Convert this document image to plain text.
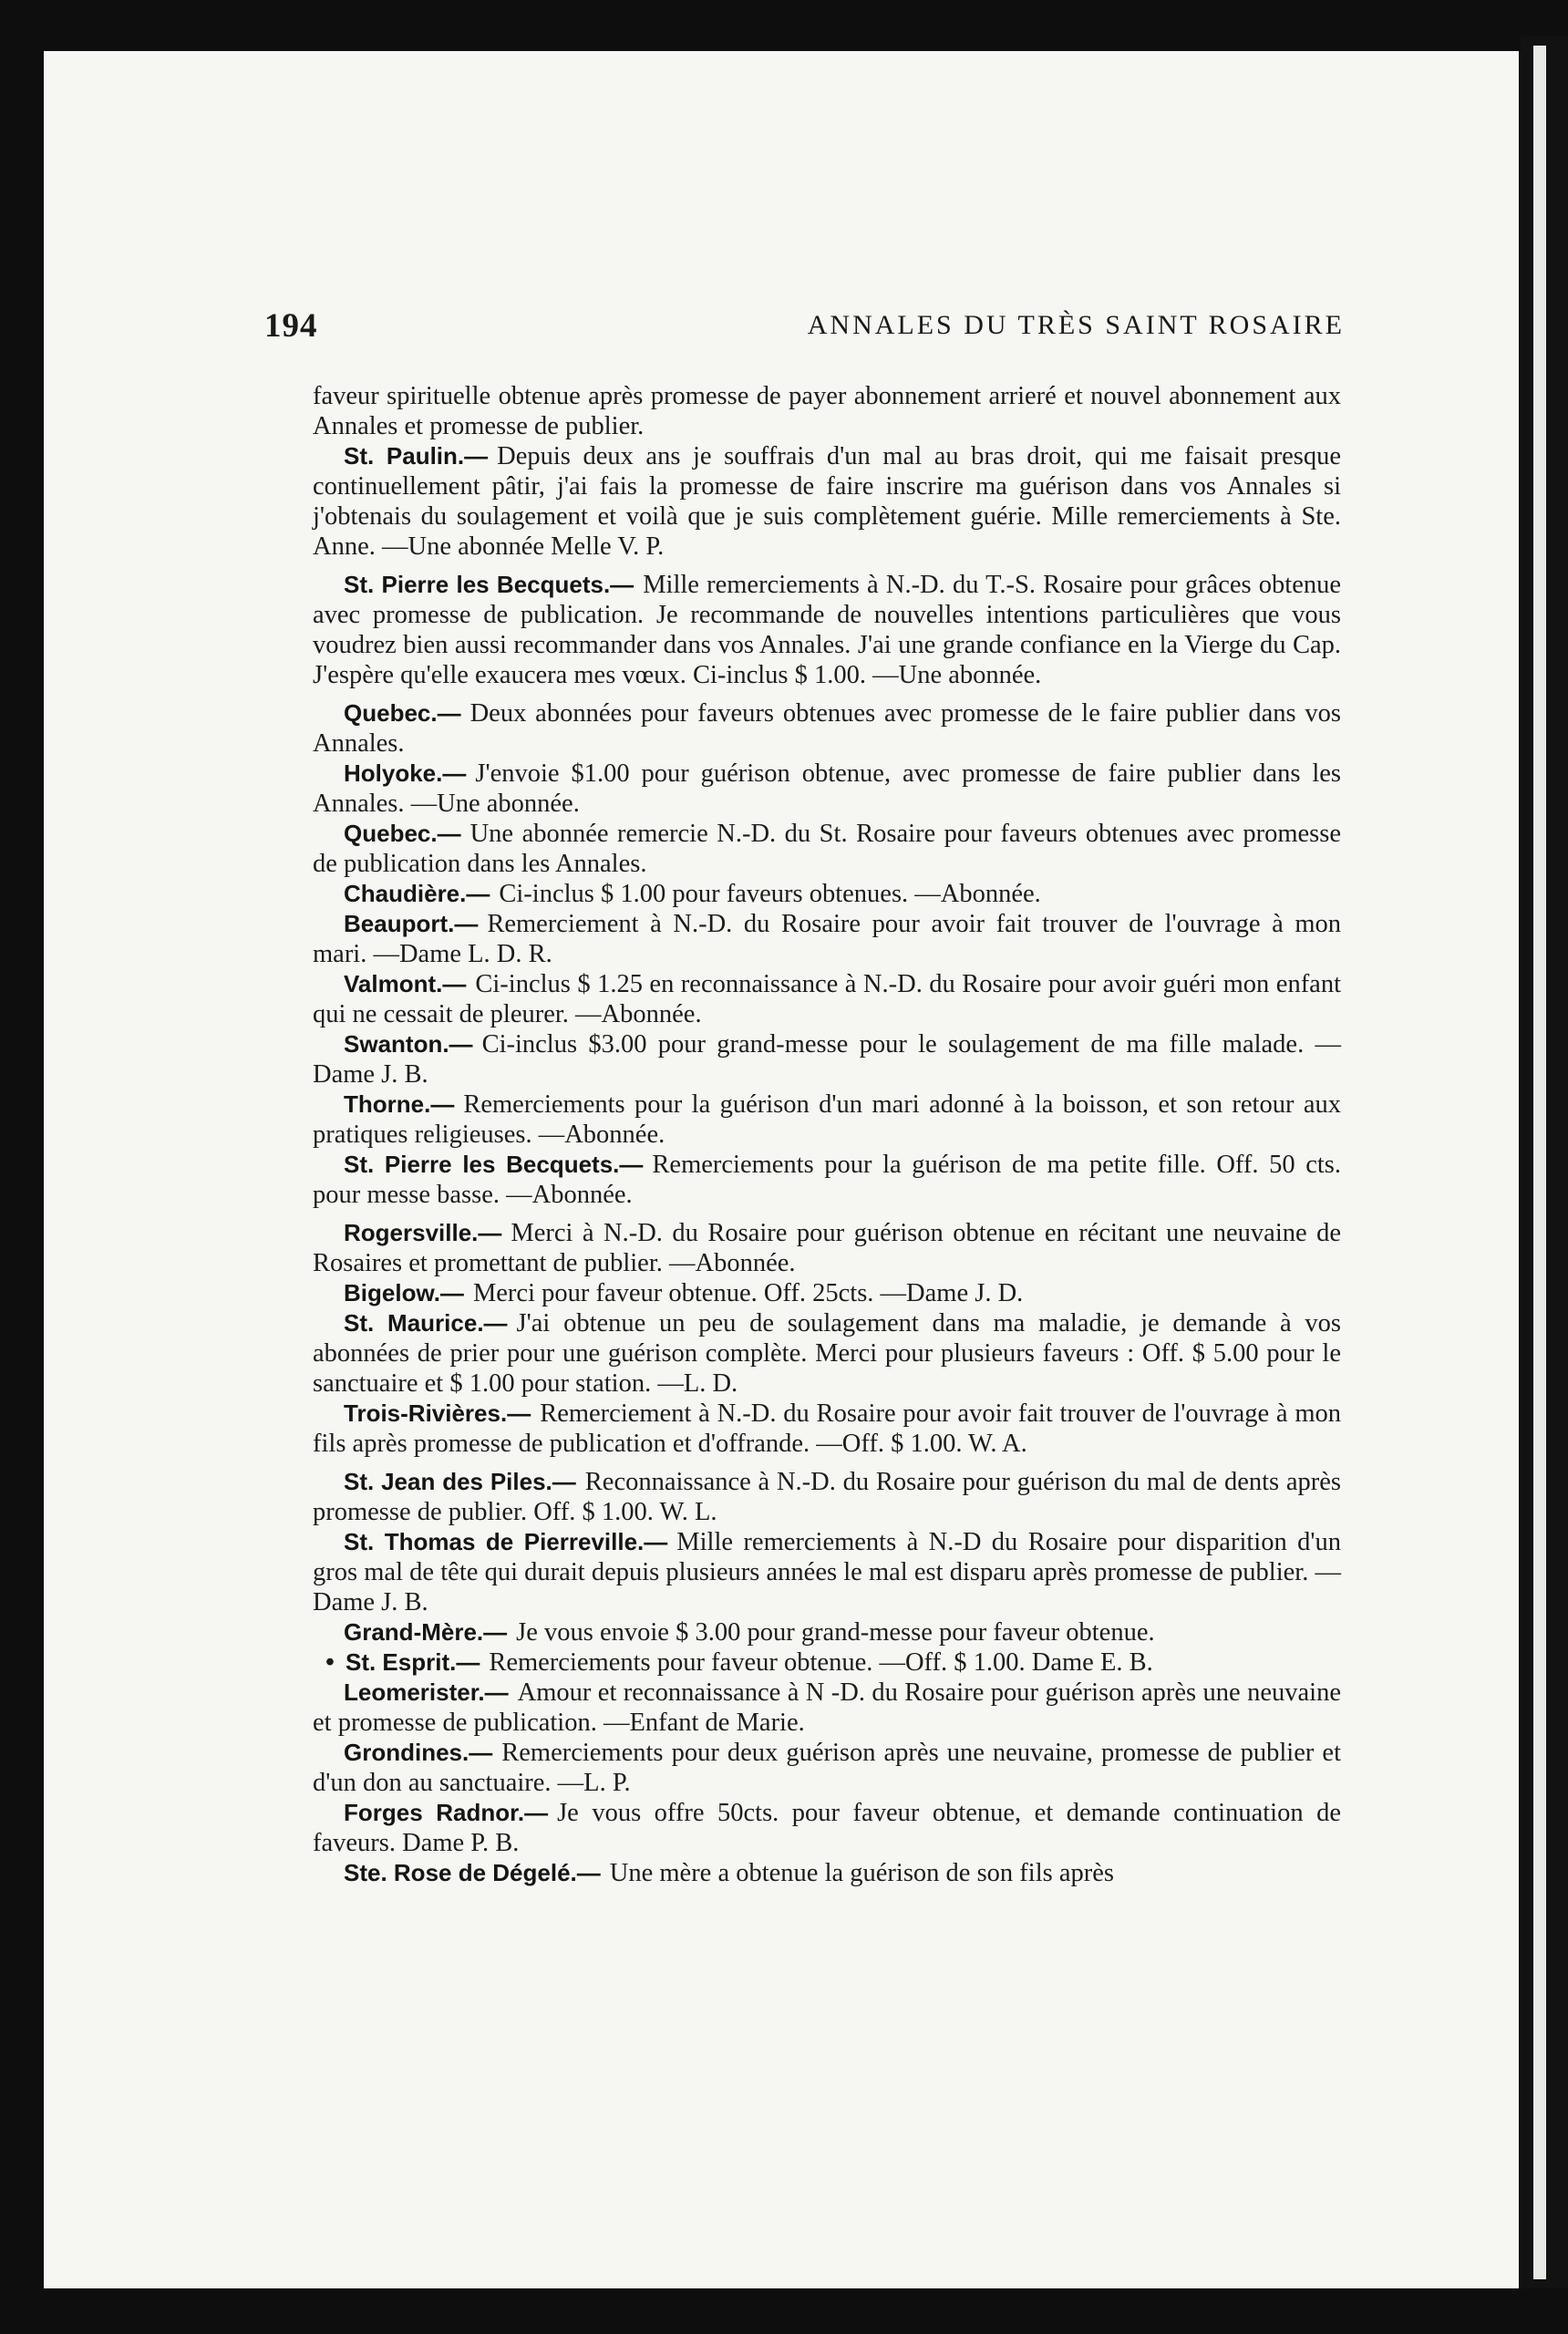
194	ANNALES DU TRÈS SAINT ROSAIRE

faveur spirituelle obtenue après promesse de payer abonnement arrieré et nouvel abonnement aux Annales et promesse de publier.

St. Paulin.— Depuis deux ans je souffrais d'un mal au bras droit, qui me faisait presque continuellement pâtir, j'ai fais la promesse de faire inscrire ma guérison dans vos Annales si j'obtenais du soulagement et voilà que je suis complètement guérie. Mille remerciements à Ste. Anne. —Une abonnée Melle V. P.

St. Pierre les Becquets.— Mille remerciements à N.-D. du T.-S. Rosaire pour grâces obtenue avec promesse de publication. Je recommande de nouvelles intentions particulières que vous voudrez bien aussi recommander dans vos Annales. J'ai une grande confiance en la Vierge du Cap. J'espère qu'elle exaucera mes vœux. Ci-inclus $ 1.00. —Une abonnée.

Quebec.— Deux abonnées pour faveurs obtenues avec promesse de le faire publier dans vos Annales.

Holyoke.— J'envoie $1.00 pour guérison obtenue, avec promesse de faire publier dans les Annales. —Une abonnée.

Quebec.— Une abonnée remercie N.-D. du St. Rosaire pour faveurs obtenues avec promesse de publication dans les Annales.

Chaudière.— Ci-inclus $ 1.00 pour faveurs obtenues. —Abonnée.

Beauport.— Remerciement à N.-D. du Rosaire pour avoir fait trouver de l'ouvrage à mon mari. —Dame L. D. R.

Valmont.— Ci-inclus $ 1.25 en reconnaissance à N.-D. du Rosaire pour avoir guéri mon enfant qui ne cessait de pleurer. —Abonnée.

Swanton.— Ci-inclus $3.00 pour grand-messe pour le soulagement de ma fille malade. —Dame J. B.

Thorne.— Remerciements pour la guérison d'un mari adonné à la boisson, et son retour aux pratiques religieuses. —Abonnée.

St. Pierre les Becquets.— Remerciements pour la guérison de ma petite fille. Off. 50 cts. pour messe basse. —Abonnée.

Rogersville.— Merci à N.-D. du Rosaire pour guérison obtenue en récitant une neuvaine de Rosaires et promettant de publier. —Abonnée.

Bigelow.— Merci pour faveur obtenue. Off. 25cts. —Dame J. D.

St. Maurice.— J'ai obtenue un peu de soulagement dans ma maladie, je demande à vos abonnées de prier pour une guérison complète. Merci pour plusieurs faveurs : Off. $ 5.00 pour le sanctuaire et $ 1.00 pour station. —L. D.

Trois-Rivières.— Remerciement à N.-D. du Rosaire pour avoir fait trouver de l'ouvrage à mon fils après promesse de publication et d'offrande. —Off. $ 1.00. W. A.

St. Jean des Piles.— Reconnaissance à N.-D. du Rosaire pour guérison du mal de dents après promesse de publier. Off. $ 1.00. W. L.

St. Thomas de Pierreville.— Mille remerciements à N.-D du Rosaire pour disparition d'un gros mal de tête qui durait depuis plusieurs années le mal est disparu après promesse de publier. —Dame J. B.

Grand-Mère.— Je vous envoie $ 3.00 pour grand-messe pour faveur obtenue.

• St. Esprit.— Remerciements pour faveur obtenue. —Off. $ 1.00. Dame E. B.

Leomerister.— Amour et reconnaissance à N -D. du Rosaire pour guérison après une neuvaine et promesse de publication. —Enfant de Marie.

Grondines.— Remerciements pour deux guérison après une neuvaine, promesse de publier et d'un don au sanctuaire. —L. P.

Forges Radnor.— Je vous offre 50cts. pour faveur obtenue, et demande continuation de faveurs. Dame P. B.

Ste. Rose de Dégelé.— Une mère a obtenue la guérison de son fils après
